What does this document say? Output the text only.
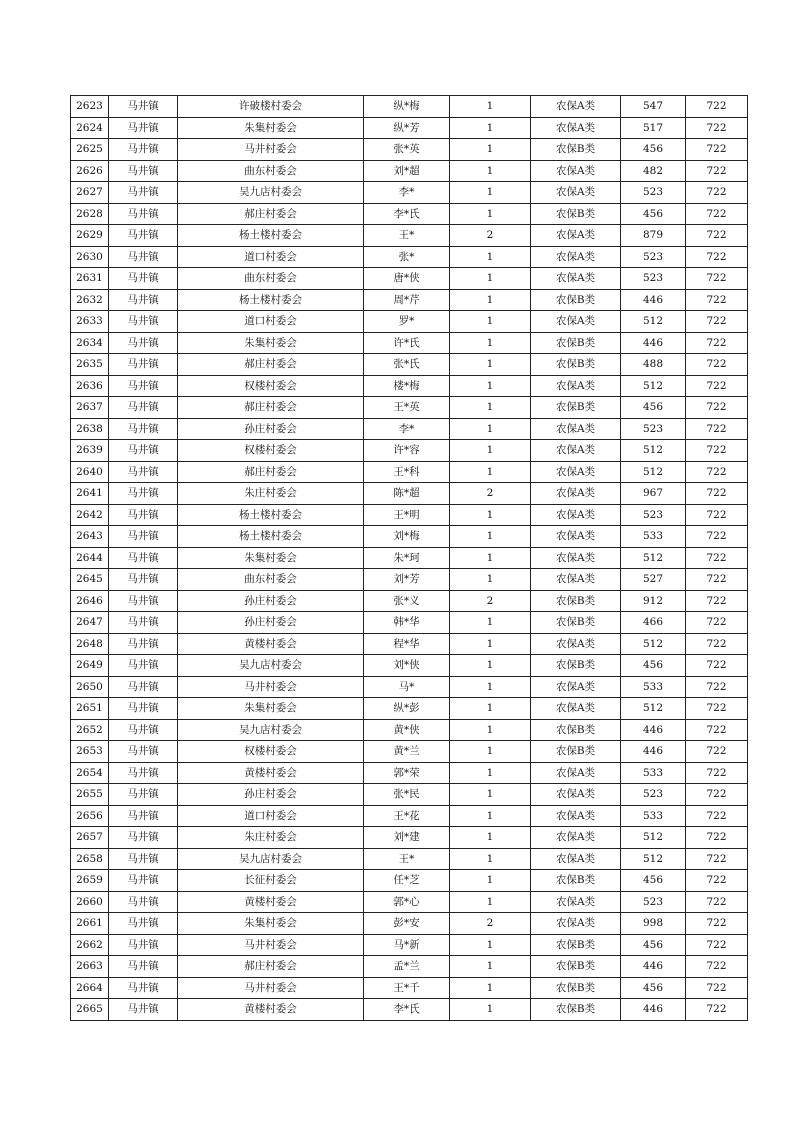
2623	马井镇	许破楼村委会	纵*梅	1	农保A类	547	722
2624	马井镇	朱集村委会	纵*芳	1	农保A类	517	722
2625	马井镇	马井村委会	张*英	1	农保B类	456	722
2626	马井镇	曲东村委会	刘*超	1	农保A类	482	722
2627	马井镇	吴九店村委会	李*	1	农保A类	523	722
2628	马井镇	郝庄村委会	李*氏	1	农保B类	456	722
2629	马井镇	杨土楼村委会	王*	2	农保A类	879	722
2630	马井镇	道口村委会	张*	1	农保A类	523	722
2631	马井镇	曲东村委会	唐*侠	1	农保A类	523	722
2632	马井镇	杨土楼村委会	周*芹	1	农保B类	446	722
2633	马井镇	道口村委会	罗*	1	农保A类	512	722
2634	马井镇	朱集村委会	许*氏	1	农保B类	446	722
2635	马井镇	郝庄村委会	张*氏	1	农保B类	488	722
2636	马井镇	权楼村委会	楼*梅	1	农保A类	512	722
2637	马井镇	郝庄村委会	王*英	1	农保B类	456	722
2638	马井镇	孙庄村委会	李*	1	农保A类	523	722
2639	马井镇	权楼村委会	许*容	1	农保A类	512	722
2640	马井镇	郝庄村委会	王*科	1	农保A类	512	722
2641	马井镇	朱庄村委会	陈*超	2	农保A类	967	722
2642	马井镇	杨土楼村委会	王*明	1	农保A类	523	722
2643	马井镇	杨土楼村委会	刘*梅	1	农保A类	533	722
2644	马井镇	朱集村委会	朱*珂	1	农保A类	512	722
2645	马井镇	曲东村委会	刘*芳	1	农保A类	527	722
2646	马井镇	孙庄村委会	张*义	2	农保B类	912	722
2647	马井镇	孙庄村委会	韩*华	1	农保B类	466	722
2648	马井镇	黄楼村委会	程*华	1	农保A类	512	722
2649	马井镇	吴九店村委会	刘*侠	1	农保B类	456	722
2650	马井镇	马井村委会	马*	1	农保A类	533	722
2651	马井镇	朱集村委会	纵*彭	1	农保A类	512	722
2652	马井镇	吴九店村委会	黄*侠	1	农保B类	446	722
2653	马井镇	权楼村委会	黄*兰	1	农保B类	446	722
2654	马井镇	黄楼村委会	郭*荣	1	农保A类	533	722
2655	马井镇	孙庄村委会	张*民	1	农保A类	523	722
2656	马井镇	道口村委会	王*花	1	农保A类	533	722
2657	马井镇	朱庄村委会	刘*建	1	农保A类	512	722
2658	马井镇	吴九店村委会	王*	1	农保A类	512	722
2659	马井镇	长征村委会	任*芝	1	农保B类	456	722
2660	马井镇	黄楼村委会	郭*心	1	农保A类	523	722
2661	马井镇	朱集村委会	彭*安	2	农保A类	998	722
2662	马井镇	马井村委会	马*新	1	农保B类	456	722
2663	马井镇	郝庄村委会	孟*兰	1	农保B类	446	722
2664	马井镇	马井村委会	王*千	1	农保B类	456	722
2665	马井镇	黄楼村委会	李*氏	1	农保B类	446	722
